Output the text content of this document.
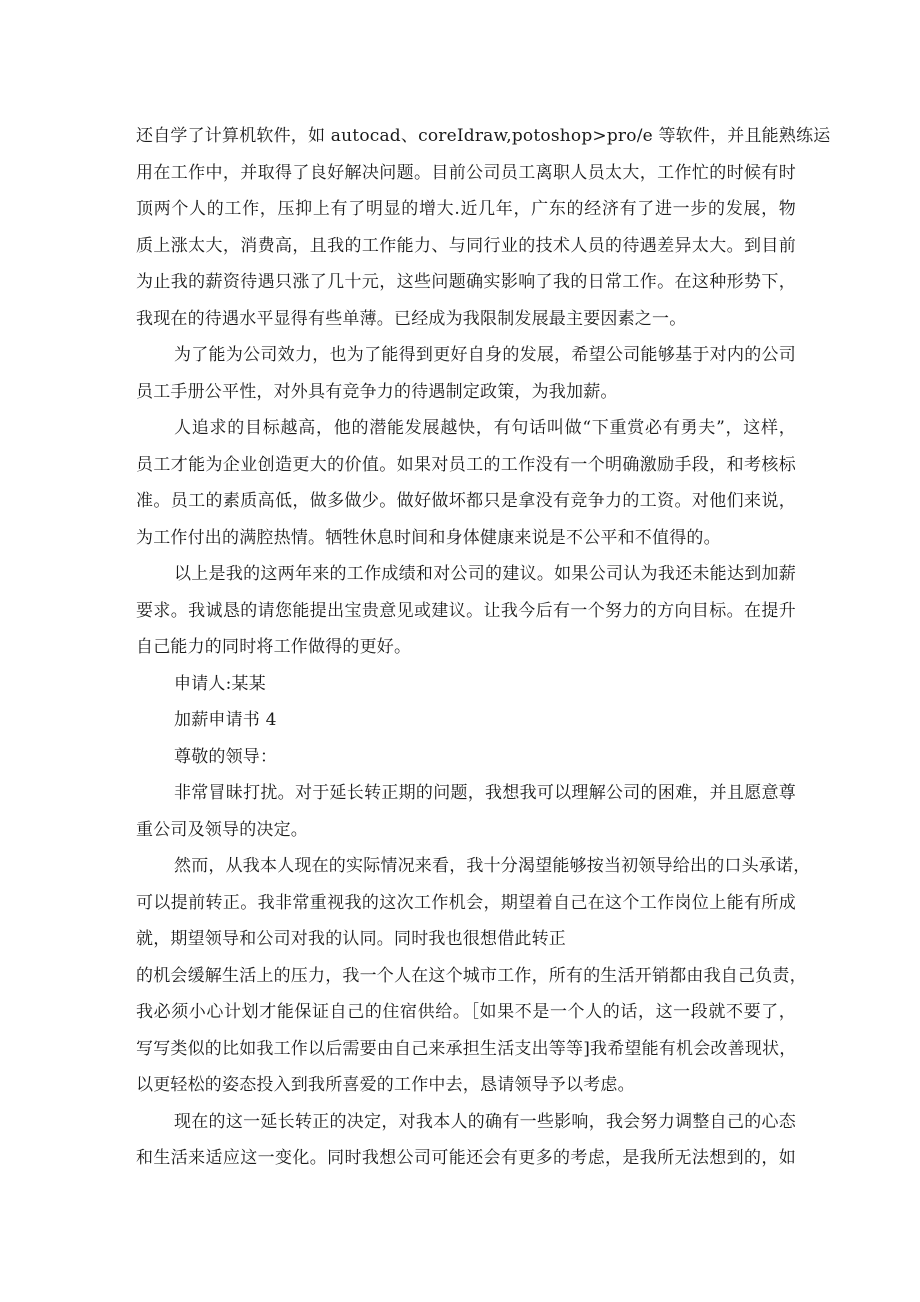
还自学了计算机软件，如 autocad、coreIdraw,potoshop>pro/e 等软件，并且能熟练运
用在工作中，并取得了良好解决问题。目前公司员工离职人员太大，工作忙的时候有时
顶两个人的工作，压抑上有了明显的增大.近几年，广东的经济有了进一步的发展，物
质上涨太大，消费高，且我的工作能力、与同行业的技术人员的待遇差异太大。到目前
为止我的薪资待遇只涨了几十元，这些问题确实影响了我的日常工作。在这种形势下，
我现在的待遇水平显得有些单薄。已经成为我限制发展最主要因素之一。
为了能为公司效力，也为了能得到更好自身的发展，希望公司能够基于对内的公司
员工手册公平性，对外具有竞争力的待遇制定政策，为我加薪。
人追求的目标越高，他的潜能发展越快，有句话叫做“下重赏必有勇夫”，这样，
员工才能为企业创造更大的价值。如果对员工的工作没有一个明确激励手段，和考核标
准。员工的素质高低，做多做少。做好做坏都只是拿没有竞争力的工资。对他们来说，
为工作付出的满腔热情。牺牲休息时间和身体健康来说是不公平和不值得的。
以上是我的这两年来的工作成绩和对公司的建议。如果公司认为我还未能达到加薪
要求。我诚恳的请您能提出宝贵意见或建议。让我今后有一个努力的方向目标。在提升
自己能力的同时将工作做得的更好。
申请人:某某
加薪申请书 4
尊敬的领导：
非常冒昧打扰。对于延长转正期的问题，我想我可以理解公司的困难，并且愿意尊
重公司及领导的决定。
然而，从我本人现在的实际情况来看，我十分渴望能够按当初领导给出的口头承诺，
可以提前转正。我非常重视我的这次工作机会，期望着自己在这个工作岗位上能有所成
就，期望领导和公司对我的认同。同时我也很想借此转正
的机会缓解生活上的压力，我一个人在这个城市工作，所有的生活开销都由我自己负责，
我必须小心计划才能保证自己的住宿供给。［如果不是一个人的话，这一段就不要了，
写写类似的比如我工作以后需要由自己来承担生活支出等等]我希望能有机会改善现状，
以更轻松的姿态投入到我所喜爱的工作中去，恳请领导予以考虑。
现在的这一延长转正的决定，对我本人的确有一些影响，我会努力调整自己的心态
和生活来适应这一变化。同时我想公司可能还会有更多的考虑，是我所无法想到的，如
